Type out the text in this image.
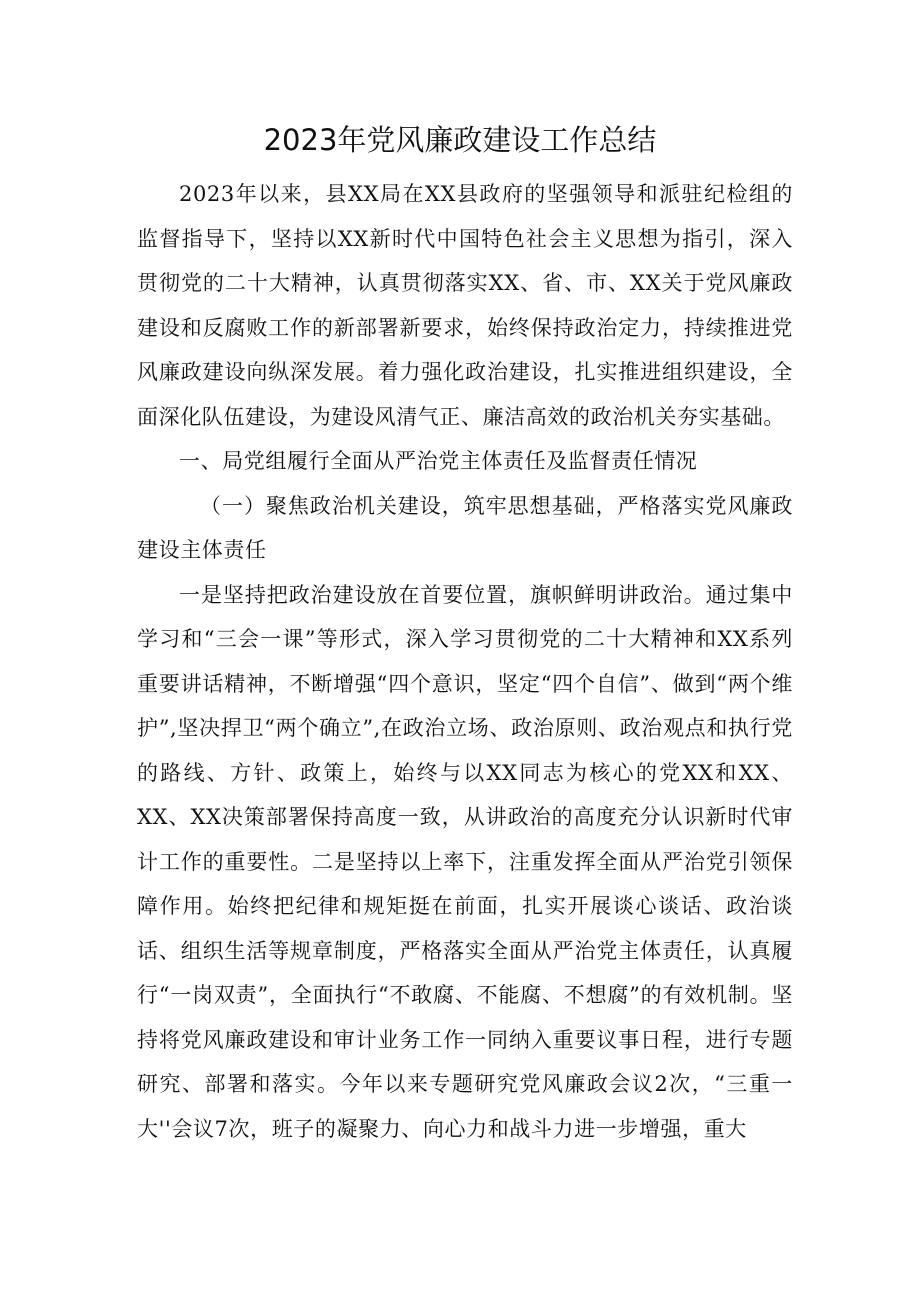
2023年党风廉政建设工作总结

2023年以来，县XX局在XX县政府的坚强领导和派驻纪检组的监督指导下，坚持以XX新时代中国特色社会主义思想为指引，深入贯彻党的二十大精神，认真贯彻落实XX、省、市、XX关于党风廉政建设和反腐败工作的新部署新要求，始终保持政治定力，持续推进党风廉政建设向纵深发展。着力强化政治建设，扎实推进组织建设，全面深化队伍建设，为建设风清气正、廉洁高效的政治机关夯实基础。

一、局党组履行全面从严治党主体责任及监督责任情况

（一）聚焦政治机关建设，筑牢思想基础，严格落实党风廉政建设主体责任

一是坚持把政治建设放在首要位置，旗帜鲜明讲政治。通过集中学习和“三会一课”等形式，深入学习贯彻党的二十大精神和XX系列重要讲话精神，不断增强“四个意识，坚定“四个自信”、做到“两个维护”,坚决捍卫“两个确立”,在政治立场、政治原则、政治观点和执行党的路线、方针、政策上，始终与以XX同志为核心的党XX和XX、XX、XX决策部署保持高度一致，从讲政治的高度充分认识新时代审计工作的重要性。二是坚持以上率下，注重发挥全面从严治党引领保障作用。始终把纪律和规矩挺在前面，扎实开展谈心谈话、政治谈话、组织生活等规章制度，严格落实全面从严治党主体责任，认真履行“一岗双责”，全面执行“不敢腐、不能腐、不想腐”的有效机制。坚持将党风廉政建设和审计业务工作一同纳入重要议事日程，进行专题研究、部署和落实。今年以来专题研究党风廉政会议2次，“三重一大''会议7次，班子的凝聚力、向心力和战斗力进一步增强，重大
